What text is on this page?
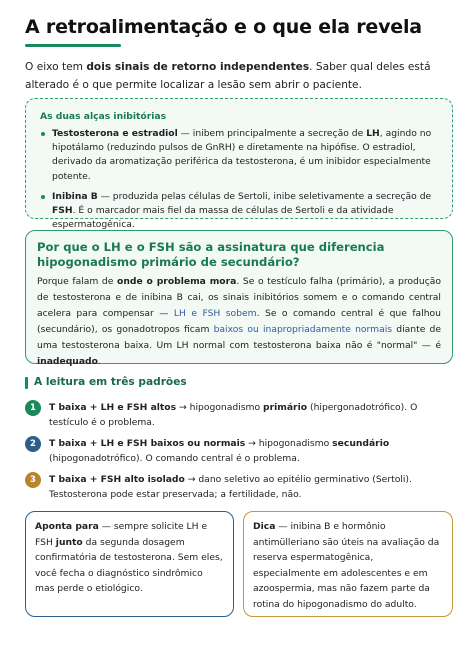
A retroalimentação e o que ela revela

O eixo tem dois sinais de retorno independentes. Saber qual deles está alterado é o que permite localizar a lesão sem abrir o paciente.

As duas alças inibitórias
Testosterona e estradiol — inibem principalmente a secreção de LH, agindo no hipotálamo (reduzindo pulsos de GnRH) e diretamente na hipófise. O estradiol, derivado da aromatização periférica da testosterona, é um inibidor especialmente potente.
Inibina B — produzida pelas células de Sertoli, inibe seletivamente a secreção de FSH. É o marcador mais fiel da massa de células de Sertoli e da atividade espermatogênica.
Por que o LH e o FSH são a assinatura que diferencia hipogonadismo primário de secundário?

Porque falam de onde o problema mora. Se o testículo falha (primário), a produção de testosterona e de inibina B cai, os sinais inibitórios somem e o comando central acelera para compensar — LH e FSH sobem. Se o comando central é que falhou (secundário), os gonadotropos ficam baixos ou inapropriadamente normais diante de uma testosterona baixa. Um LH normal com testosterona baixa não é "normal" — é inadequado.

A leitura em três padrões
1	T baixa + LH e FSH altos → hipogonadismo primário (hipergonadotrófico). O testículo é o problema.
2	T baixa + LH e FSH baixos ou normais → hipogonadismo secundário (hipogonadotrófico). O comando central é o problema.
3	T baixa + FSH alto isolado → dano seletivo ao epitélio germinativo (Sertoli). Testosterona pode estar preservada; a fertilidade, não.
Aponta para — sempre solicite LH e FSH junto da segunda dosagem confirmatória de testosterona. Sem eles, você fecha o diagnóstico sindrômico mas perde o etiológico.
Dica — inibina B e hormônio antimülleriano são úteis na avaliação da reserva espermatogênica, especialmente em adolescentes e em azoospermia, mas não fazem parte da rotina do hipogonadismo do adulto.
